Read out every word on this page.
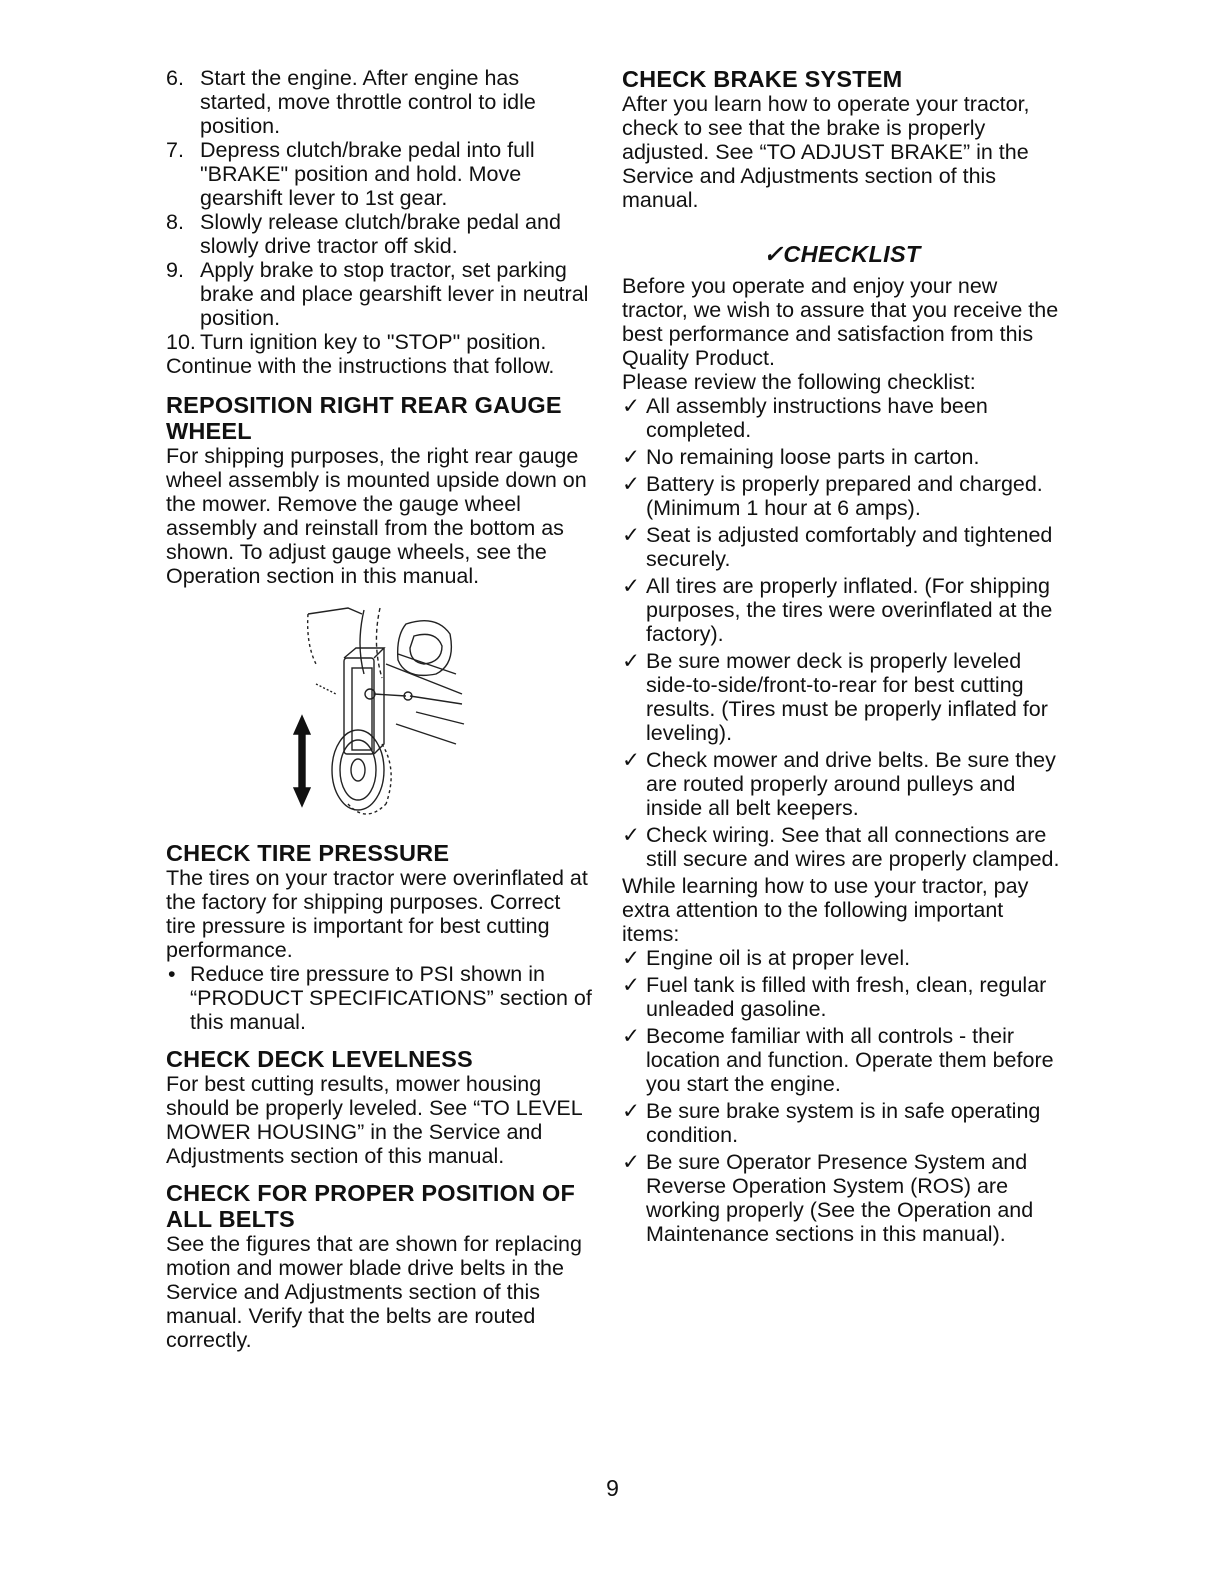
6. Start the engine. After engine has started, move throttle control to idle position.
7. Depress clutch/brake pedal into full "BRAKE" position and hold. Move gearshift lever to 1st gear.
8. Slowly release clutch/brake pedal and slowly drive tractor off skid.
9. Apply brake to stop tractor, set parking brake and place gearshift lever in neutral position.
10. Turn ignition key to "STOP" position.

Continue with the instructions that follow.

REPOSITION RIGHT REAR GAUGE WHEEL

For shipping purposes, the right rear gauge wheel assembly is mounted upside down on the mower. Remove the gauge wheel assembly and reinstall from the bottom as shown. To adjust gauge wheels, see the Operation section in this manual.

CHECK TIRE PRESSURE

The tires on your tractor were overinflated at the factory for shipping purposes. Correct tire pressure is important for best cutting performance.

• Reduce tire pressure to PSI shown in “PRODUCT SPECIFICATIONS” section of this manual.
CHECK DECK LEVELNESS

For best cutting results, mower housing should be properly leveled. See “TO LEVEL MOWER HOUSING” in the Service and Adjustments section of this manual.

CHECK FOR PROPER POSITION OF ALL BELTS

See the figures that are shown for replacing motion and mower blade drive belts in the Service and Adjustments section of this manual. Verify that the belts are routed correctly.

CHECK BRAKE SYSTEM

After you learn how to operate your tractor, check to see that the brake is properly adjusted. See “TO ADJUST BRAKE” in the Service and Adjustments section of this manual.

✓CHECKLIST

Before you operate and enjoy your new tractor, we wish to assure that you receive the best performance and satisfaction from this Quality Product.

Please review the following checklist:

✓ All assembly instructions have been completed.
✓ No remaining loose parts in carton.
✓ Battery is properly prepared and charged. (Minimum 1 hour at 6 amps).
✓ Seat is adjusted comfortably and tightened securely.
✓ All tires are properly inflated. (For shipping purposes, the tires were overinflated at the factory).
✓ Be sure mower deck is properly leveled side-to-side/front-to-rear for best cutting results. (Tires must be properly inflated for leveling).
✓ Check mower and drive belts. Be sure they are routed properly around pulleys and inside all belt keepers.
✓ Check wiring. See that all connections are still secure and wires are properly clamped.

While learning how to use your tractor, pay extra attention to the following important items:

✓ Engine oil is at proper level.
✓ Fuel tank is filled with fresh, clean, regular unleaded gasoline.
✓ Become familiar with all controls - their location and function. Operate them before you start the engine.
✓ Be sure brake system is in safe operating condition.
✓ Be sure Operator Presence System and Reverse Operation System (ROS) are working properly (See the Operation and Maintenance sections in this manual).
9
